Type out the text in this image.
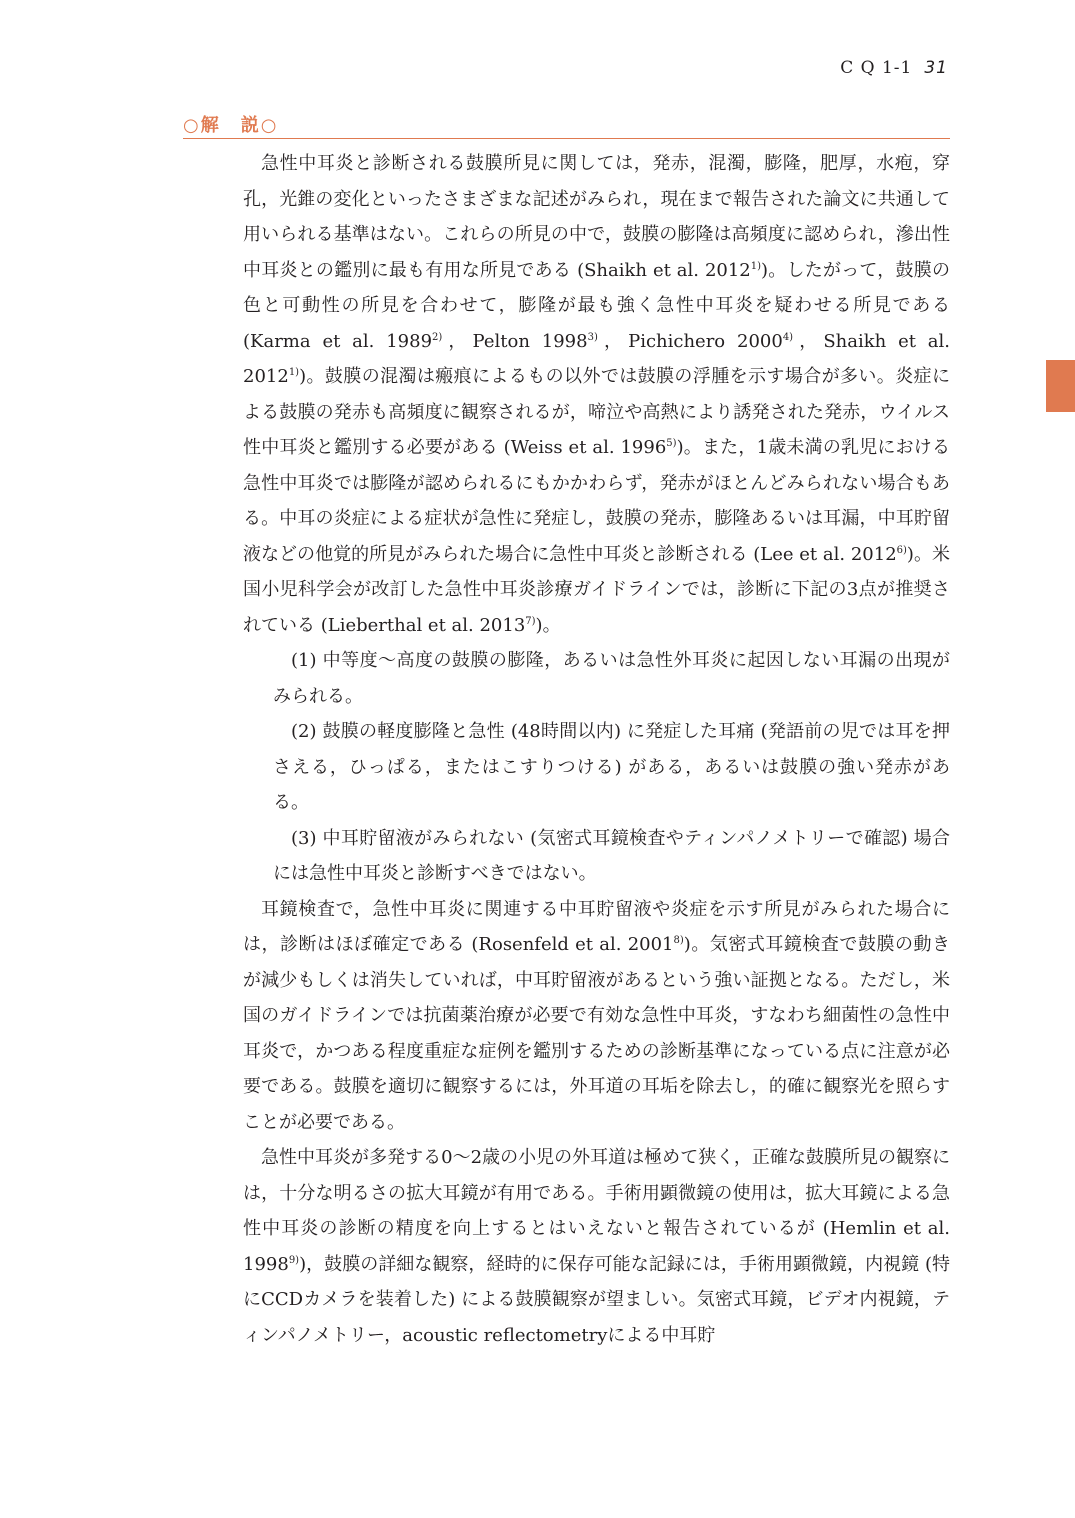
C Q 1-1 31
○解　説○

急性中耳炎と診断される鼓膜所見に関しては，発赤，混濁，膨隆，肥厚，水疱，穿孔，光錐の変化といったさまざまな記述がみられ，現在まで報告された論文に共通して用いられる基準はない。これらの所見の中で，鼓膜の膨隆は高頻度に認められ，滲出性中耳炎との鑑別に最も有用な所見である (Shaikh et al. 2012$^{1)}$)。したがって，鼓膜の色と可動性の所見を合わせて，膨隆が最も強く急性中耳炎を疑わせる所見である (Karma et al. 1989$^{2)}$，Pelton 1998$^{3)}$，Pichichero 2000$^{4)}$，Shaikh et al. 2012$^{1)}$)。鼓膜の混濁は瘢痕によるもの以外では鼓膜の浮腫を示す場合が多い。炎症による鼓膜の発赤も高頻度に観察されるが，啼泣や高熱により誘発された発赤，ウイルス性中耳炎と鑑別する必要がある (Weiss et al. 1996$^{5)}$)。また，1歳未満の乳児における急性中耳炎では膨隆が認められるにもかかわらず，発赤がほとんどみられない場合もある。中耳の炎症による症状が急性に発症し，鼓膜の発赤，膨隆あるいは耳漏，中耳貯留液などの他覚的所見がみられた場合に急性中耳炎と診断される (Lee et al. 2012$^{6)}$)。米国小児科学会が改訂した急性中耳炎診療ガイドラインでは，診断に下記の3点が推奨されている (Lieberthal et al. 2013$^{7)}$)。

(1) 中等度～高度の鼓膜の膨隆，あるいは急性外耳炎に起因しない耳漏の出現がみられる。

(2) 鼓膜の軽度膨隆と急性 (48時間以内) に発症した耳痛 (発語前の児では耳を押さえる，ひっぱる，またはこすりつける) がある，あるいは鼓膜の強い発赤がある。

(3) 中耳貯留液がみられない (気密式耳鏡検査やティンパノメトリーで確認) 場合には急性中耳炎と診断すべきではない。

耳鏡検査で，急性中耳炎に関連する中耳貯留液や炎症を示す所見がみられた場合には，診断はほぼ確定である (Rosenfeld et al. 2001$^{8)}$)。気密式耳鏡検査で鼓膜の動きが減少もしくは消失していれば，中耳貯留液があるという強い証拠となる。ただし，米国のガイドラインでは抗菌薬治療が必要で有効な急性中耳炎，すなわち細菌性の急性中耳炎で，かつある程度重症な症例を鑑別するための診断基準になっている点に注意が必要である。鼓膜を適切に観察するには，外耳道の耳垢を除去し，的確に観察光を照らすことが必要である。

急性中耳炎が多発する0～2歳の小児の外耳道は極めて狭く，正確な鼓膜所見の観察には，十分な明るさの拡大耳鏡が有用である。手術用顕微鏡の使用は，拡大耳鏡による急性中耳炎の診断の精度を向上するとはいえないと報告されているが (Hemlin et al. 1998$^{9)}$)，鼓膜の詳細な観察，経時的に保存可能な記録には，手術用顕微鏡，内視鏡 (特にCCDカメラを装着した) による鼓膜観察が望ましい。気密式耳鏡，ビデオ内視鏡，ティンパノメトリー，acoustic reflectometryによる中耳貯
